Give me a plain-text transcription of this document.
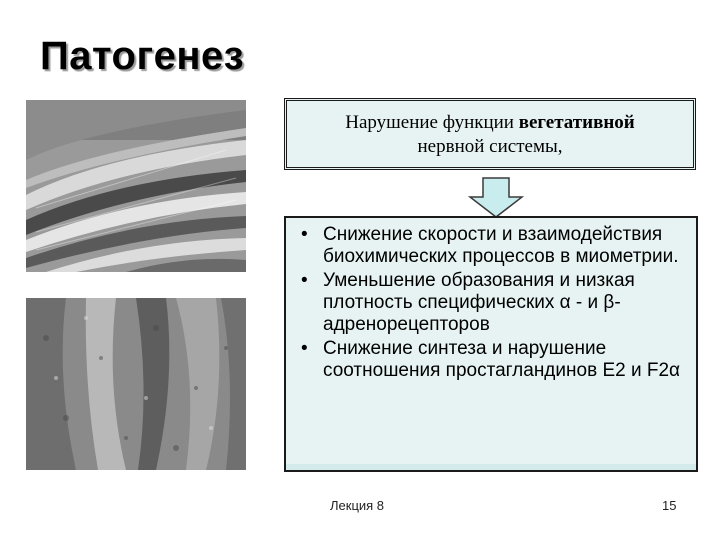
Патогенез
Нарушение функции вегетативной
нервной системы,
• Снижение скорости и взаимодействия биохимических процессов в миометрии.
• Уменьшение образования и низкая плотность специфических α - и β-адренорецепторов
• Снижение синтеза и нарушение соотношения простагландинов Е2 и F2α
Лекция 8	15
